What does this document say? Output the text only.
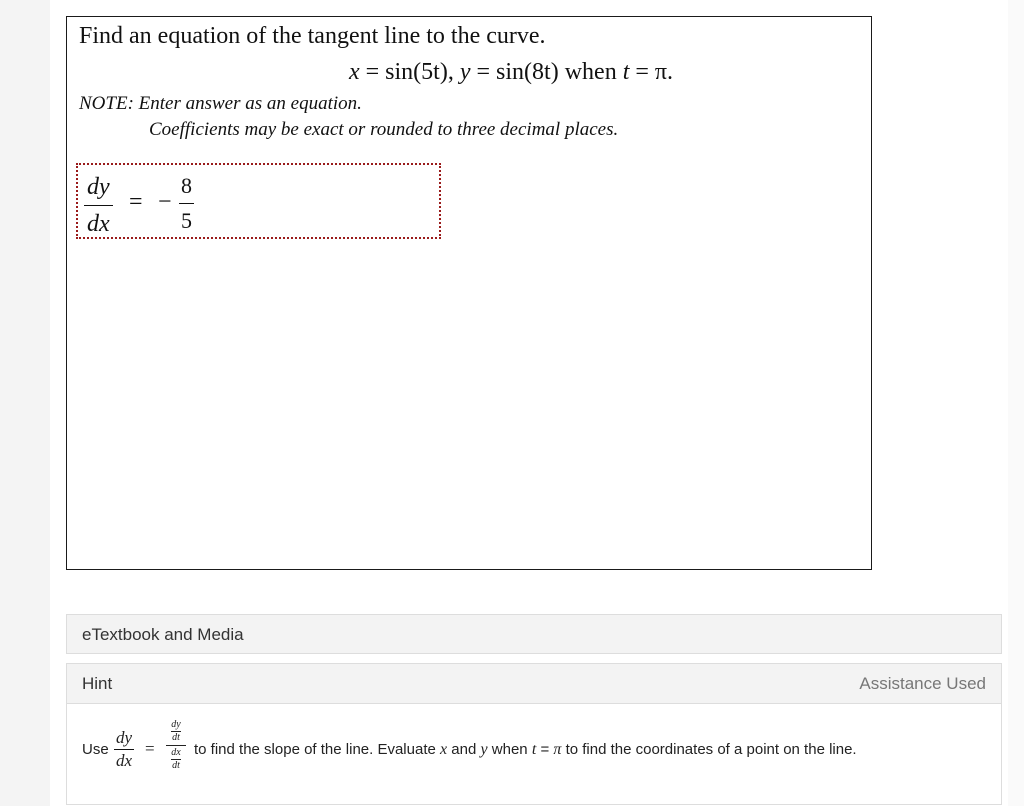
Find an equation of the tangent line to the curve.
x = sin(5t), y = sin(8t) when t = π.
NOTE: Enter answer as an equation.
Coefficients may be exact or rounded to three decimal places.
dy
dx
= −
8
5
eTextbook and Media
Hint	Assistance Used
Use
dy
dx
=
$\frac{dy}{dt}$
$\frac{dx}{dt}$ to find the slope of the line. Evaluate x and y when t = π to find the coordinates of a point on the line.
